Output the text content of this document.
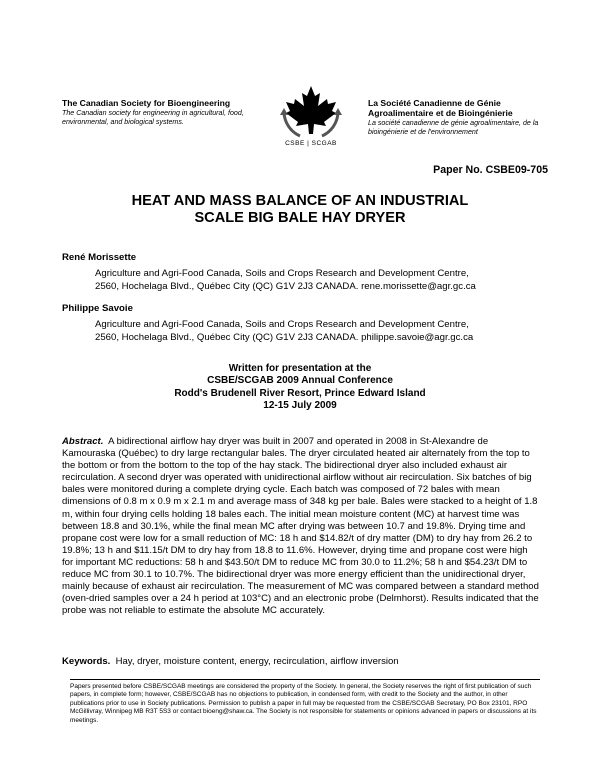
The Canadian Society for Bioengineering
The Canadian society for engineering in agricultural, food, environmental, and biological systems.
CSBE | SCGAB
La Société Canadienne de Génie
Agroalimentaire et de Bioingénierie
La société canadienne de génie agroalimentaire, de la bioingénierie et de l'environnement
Paper No. CSBE09-705
HEAT AND MASS BALANCE OF AN INDUSTRIAL
SCALE BIG BALE HAY DRYER
René Morissette
Agriculture and Agri-Food Canada, Soils and Crops Research and Development Centre,
2560, Hochelaga Blvd., Québec City (QC) G1V 2J3 CANADA. rene.morissette@agr.gc.ca
Philippe Savoie
Agriculture and Agri-Food Canada, Soils and Crops Research and Development Centre,
2560, Hochelaga Blvd., Québec City (QC) G1V 2J3 CANADA. philippe.savoie@agr.gc.ca
Written for presentation at the
CSBE/SCGAB 2009 Annual Conference
Rodd's Brudenell River Resort, Prince Edward Island
12-15 July 2009
Abstract. A bidirectional airflow hay dryer was built in 2007 and operated in 2008 in St-Alexandre de Kamouraska (Québec) to dry large rectangular bales. The dryer circulated heated air alternately from the top to the bottom or from the bottom to the top of the hay stack. The bidirectional dryer also included exhaust air recirculation. A second dryer was operated with unidirectional airflow without air recirculation. Six batches of big bales were monitored during a complete drying cycle. Each batch was composed of 72 bales with mean dimensions of 0.8 m x 0.9 m x 2.1 m and average mass of 348 kg per bale. Bales were stacked to a height of 1.8 m, within four drying cells holding 18 bales each. The initial mean moisture content (MC) at harvest time was between 18.8 and 30.1%, while the final mean MC after drying was between 10.7 and 19.8%. Drying time and propane cost were low for a small reduction of MC: 18 h and $14.82/t of dry matter (DM) to dry hay from 26.2 to 19.8%; 13 h and $11.15/t DM to dry hay from 18.8 to 11.6%. However, drying time and propane cost were high for important MC reductions: 58 h and $43.50/t DM to reduce MC from 30.0 to 11.2%; 58 h and $54.23/t DM to reduce MC from 30.1 to 10.7%. The bidirectional dryer was more energy efficient than the unidirectional dryer, mainly because of exhaust air recirculation. The measurement of MC was compared between a standard method (oven-dried samples over a 24 h period at 103°C) and an electronic probe (Delmhorst). Results indicated that the probe was not reliable to estimate the absolute MC accurately.
Keywords. Hay, dryer, moisture content, energy, recirculation, airflow inversion
Papers presented before CSBE/SCGAB meetings are considered the property of the Society. In general, the Society reserves the right of first publication of such papers, in complete form; however, CSBE/SCGAB has no objections to publication, in condensed form, with credit to the Society and the author, in other publications prior to use in Society publications. Permission to publish a paper in full may be requested from the CSBE/SCGAB Secretary, PO Box 23101, RPO McGillivray, Winnipeg MB R3T 5S3 or contact bioeng@shaw.ca. The Society is not responsible for statements or opinions advanced in papers or discussions at its meetings.
